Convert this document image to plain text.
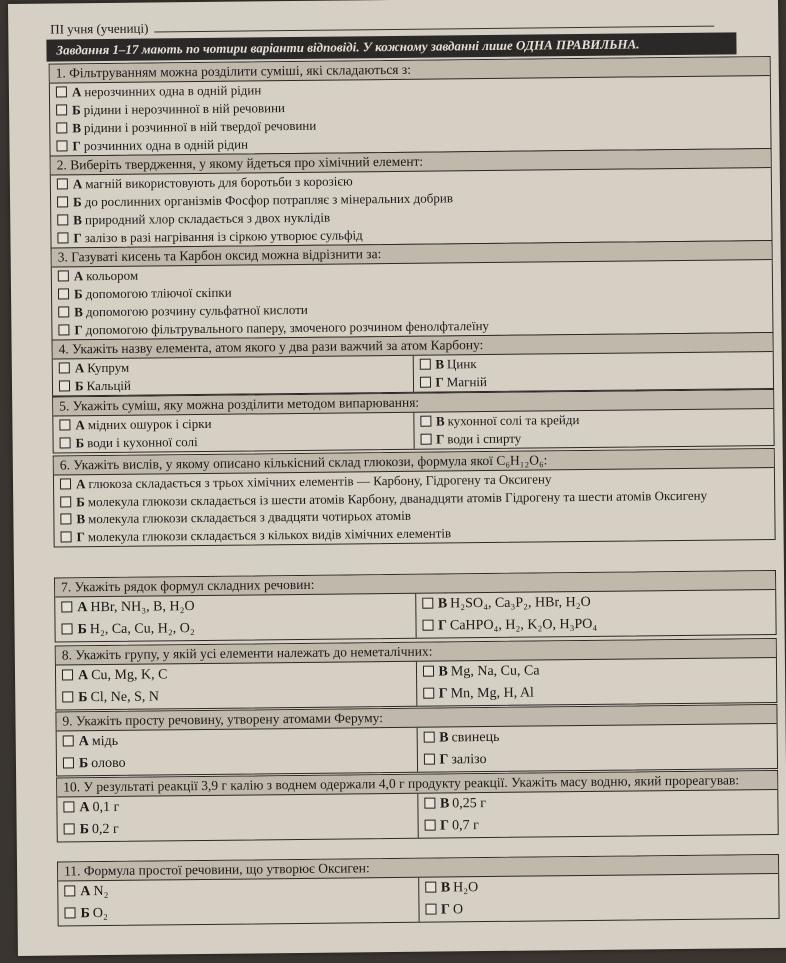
ПІ учня (учениці)
Завдання 1–17 мають по чотири варіанти відповіді. У кожному завданні лише ОДНА ПРАВИЛЬНА.
1. Фільтруванням можна розділити суміші, які складаються з:
А нерозчинних одна в одній рідин
Б рідини і нерозчинної в ній речовини
В рідини і розчинної в ній твердої речовини
Г розчинних одна в одній рідин
2. Виберіть твердження, у якому йдеться про хімічний елемент:
А магній використовують для боротьби з корозією
Б до рослинних організмів Фосфор потрапляє з мінеральних добрив
В природний хлор складається з двох нуклідів
Г залізо в разі нагрівання із сіркою утворює сульфід
3. Газуваті кисень та Карбон оксид можна відрізнити за:
А кольором
Б допомогою тліючої скіпки
В допомогою розчину сульфатної кислоти
Г допомогою фільтрувального паперу, змоченого розчином фенолфталеїну
4. Укажіть назву елемента, атом якого у два рази важчий за атом Карбону:
А Купрум
Б Кальцій
В Цинк
Г Магній
5. Укажіть суміш, яку можна розділити методом випарювання:
А мідних ошурок і сірки
Б води і кухонної солі
В кухонної солі та крейди
Г води і спирту
6. Укажіть вислів, у якому описано кількісний склад глюкози, формула якої C₆H₁₂O₆:
А глюкоза складається з трьох хімічних елементів — Карбону, Гідрогену та Оксигену
Б молекула глюкози складається із шести атомів Карбону, дванадцяти атомів Гідрогену та шести атомів Оксигену
В молекула глюкози складається з двадцяти чотирьох атомів
Г молекула глюкози складається з кількох видів хімічних елементів
7. Укажіть рядок формул складних речовин:
А HBr, NH₃, B, H₂O
Б H₂, Ca, Cu, H₂, O₂
В H₂SO₄, Ca₃P₂, HBr, H₂O
Г CaHPO₄, H₂, K₂O, H₃PO₄
8. Укажіть групу, у якій усі елементи належать до неметалічних:
А Cu, Mg, K, C
Б Cl, Ne, S, N
В Mg, Na, Cu, Ca
Г Mn, Mg, H, Al
9. Укажіть просту речовину, утворену атомами Феруму:
А мідь
Б олово
В свинець
Г залізо
10. У результаті реакції 3,9 г калію з воднем одержали 4,0 г продукту реакції. Укажіть масу водню, який прореагував:
А 0,1 г
Б 0,2 г
В 0,25 г
Г 0,7 г
11. Формула простої речовини, що утворює Оксиген:
А N₂
Б O₂
В H₂O
Г O
